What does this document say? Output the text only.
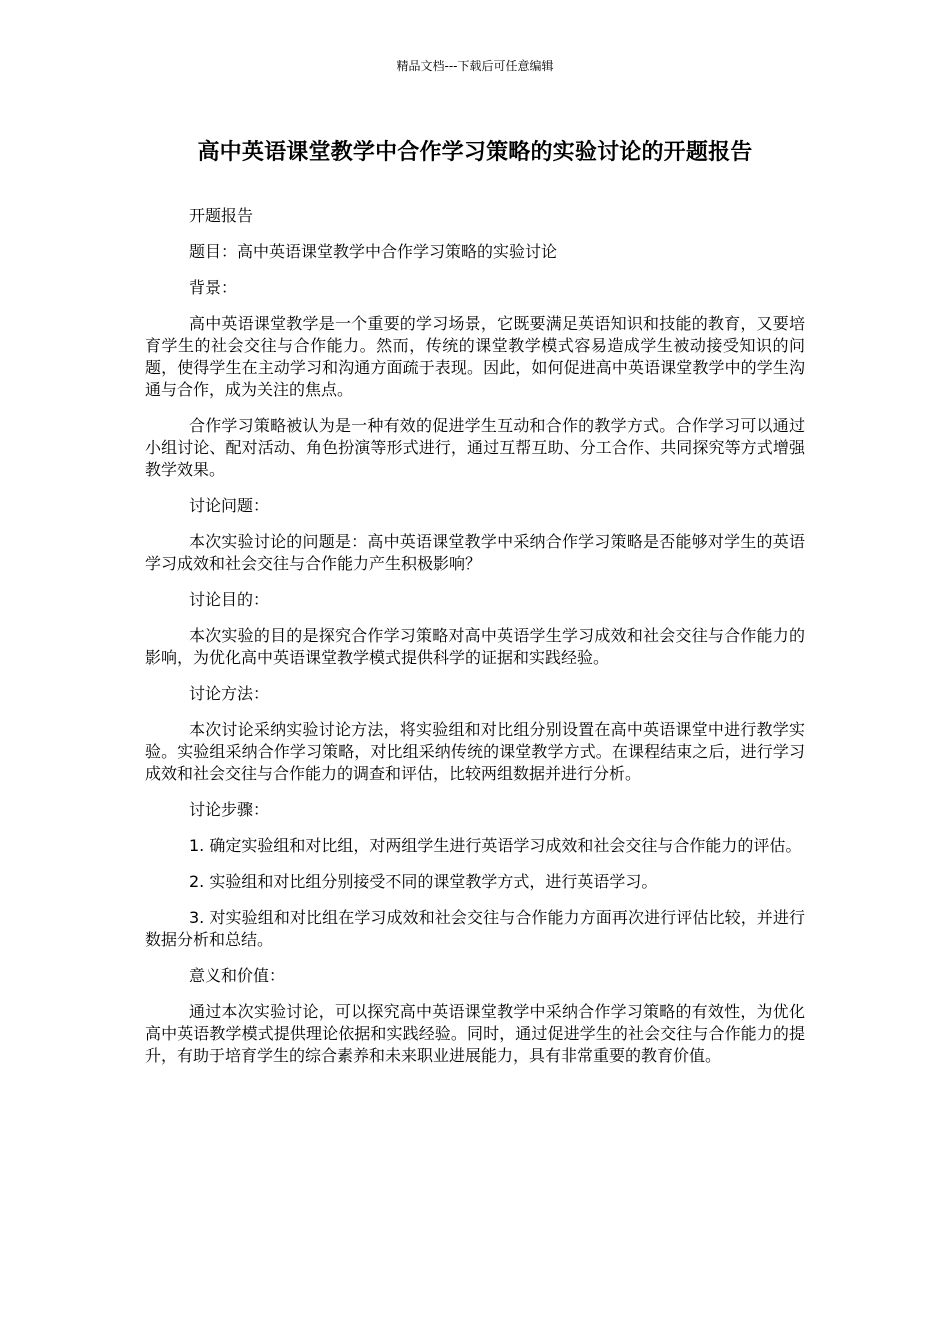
精品文档---下载后可任意编辑
高中英语课堂教学中合作学习策略的实验讨论的开题报告

开题报告

题目：高中英语课堂教学中合作学习策略的实验讨论

背景：

高中英语课堂教学是一个重要的学习场景，它既要满足英语知识和技能的教育，又要培育学生的社会交往与合作能力。然而，传统的课堂教学模式容易造成学生被动接受知识的问题，使得学生在主动学习和沟通方面疏于表现。因此，如何促进高中英语课堂教学中的学生沟通与合作，成为关注的焦点。

合作学习策略被认为是一种有效的促进学生互动和合作的教学方式。合作学习可以通过小组讨论、配对活动、角色扮演等形式进行，通过互帮互助、分工合作、共同探究等方式增强教学效果。

讨论问题：

本次实验讨论的问题是：高中英语课堂教学中采纳合作学习策略是否能够对学生的英语学习成效和社会交往与合作能力产生积极影响？

讨论目的：

本次实验的目的是探究合作学习策略对高中英语学生学习成效和社会交往与合作能力的影响，为优化高中英语课堂教学模式提供科学的证据和实践经验。

讨论方法：

本次讨论采纳实验讨论方法，将实验组和对比组分别设置在高中英语课堂中进行教学实验。实验组采纳合作学习策略，对比组采纳传统的课堂教学方式。在课程结束之后，进行学习成效和社会交往与合作能力的调查和评估，比较两组数据并进行分析。

讨论步骤：

1. 确定实验组和对比组，对两组学生进行英语学习成效和社会交往与合作能力的评估。

2. 实验组和对比组分别接受不同的课堂教学方式，进行英语学习。

3. 对实验组和对比组在学习成效和社会交往与合作能力方面再次进行评估比较，并进行数据分析和总结。

意义和价值：

通过本次实验讨论，可以探究高中英语课堂教学中采纳合作学习策略的有效性，为优化高中英语教学模式提供理论依据和实践经验。同时，通过促进学生的社会交往与合作能力的提升，有助于培育学生的综合素养和未来职业进展能力，具有非常重要的教育价值。
